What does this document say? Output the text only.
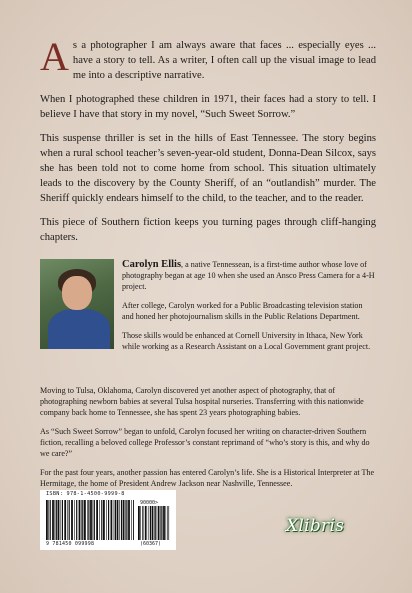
As a photographer I am always aware that faces ... especially eyes ... have a story to tell. As a writer, I often call up the visual image to lead me into a descriptive narrative.

When I photographed these children in 1971, their faces had a story to tell. I believe I have that story in my novel, “Such Sweet Sorrow.”

This suspense thriller is set in the hills of East Tennessee. The story begins when a rural school teacher’s seven-year-old student, Donna-Dean Silcox, says she has been told not to come home from school. This situation ultimately leads to the discovery by the County Sheriff, of an “outlandish” murder. The Sheriff quickly endears himself to the child, to the teacher, and to the reader.

This piece of Southern fiction keeps you turning pages through cliff-hanging chapters.

Carolyn Ellis, a native Tennessean, is a first-time author whose love of photography began at age 10 when she used an Ansco Press Camera for a 4-H project.

After college, Carolyn worked for a Public Broadcasting television station and honed her photojournalism skills in the Public Relations Department.

Those skills would be enhanced at Cornell University in Ithaca, New York while working as a Research Assistant on a Local Government grant project.

Moving to Tulsa, Oklahoma, Carolyn discovered yet another aspect of photography, that of photographing newborn babies at several Tulsa hospital nurseries. Transferring with this nationwide company back home to Tennessee, she has spent 23 years photographing babies.

As “Such Sweet Sorrow” began to unfold, Carolyn focused her writing on character-driven Southern fiction, recalling a beloved college Professor’s constant reprimand of “who’s story is this, and why do we care?”

For the past four years, another passion has entered Carolyn’s life. She is a Historical Interpreter at The Hermitage, the home of President Andrew Jackson near Nashville, Tennessee.

ISBN: 978-1-4500-9999-8
90000>
9 781450 099998	(60367)
Xlibris
